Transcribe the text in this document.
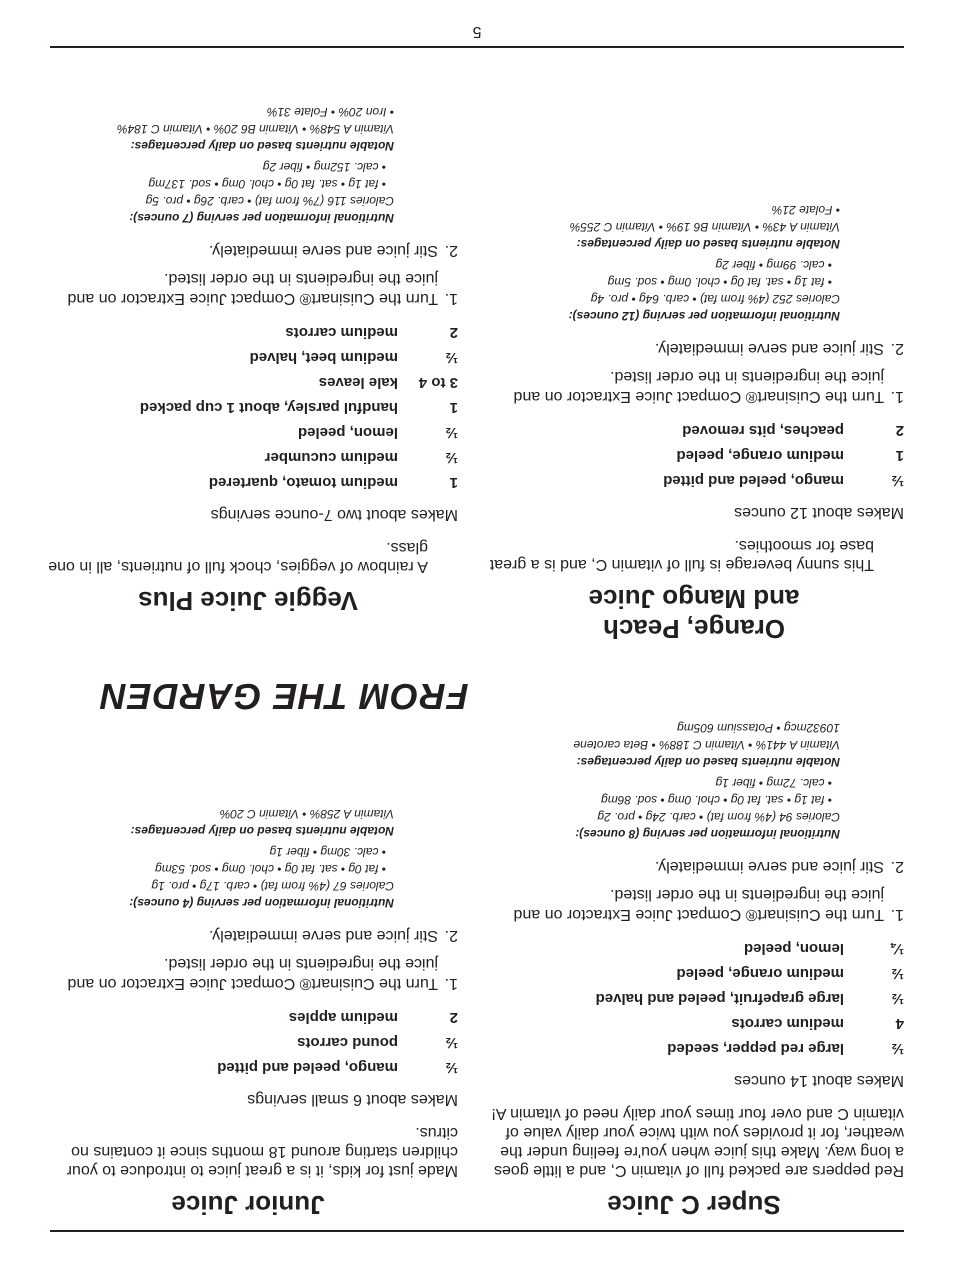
Super C Juice

Red peppers are packed full of vitamin C, and a little goes a long way. Make this juice when you're feeling under the weather, for it provides you with twice your daily value of vitamin C and over four times your daily need of vitamin A!

Makes about 14 ounces

½
large red pepper, seeded
4
medium carrots
½
large grapefruit, peeled and halved
½
medium orange, peeled
¼
lemon, peeled
1.
Turn the Cuisinart® Compact Juice Extractor on and juice the ingredients in the order listed.
2.
Stir juice and serve immediately.
Nutritional information per serving (8 ounces):
Calories 94 (4% from fat) • carb. 24g • pro. 2g
• fat 1g • sat. fat 0g • chol. 0mg • sod. 86mg
• calc. 72mg • fiber 1g
Notable nutrients based on daily percentages:
Vitamin A 441% • Vitamin C 188% • Beta carotene
10932mcg • Potassium 605mg
Orange, Peach
and Mango Juice

This sunny beverage is full of vitamin C, and is a great base for smoothies.

Makes about 12 ounces

½
mango, peeled and pitted
1
medium orange, peeled
2
peaches, pits removed
1.
Turn the Cuisinart® Compact Juice Extractor on and juice the ingredients in the order listed.
2.
Stir juice and serve immediately.
Nutritional information per serving (12 ounces):
Calories 252 (4% from fat) • carb. 64g • pro. 4g
• fat 1g • sat. fat 0g • chol. 0mg • sod. 5mg
• calc. 99mg • fiber 2g
Notable nutrients based on daily percentages:
Vitamin A 43% • Vitamin B6 19% • Vitamin C 255%
• Folate 21%
Junior Juice

Made just for kids, it is a great juice to introduce to your children starting around 18 months since it contains no citrus.

Makes about 6 small servings

½
mango, peeled and pitted
½
pound carrots
2
medium apples
1.
Turn the Cuisinart® Compact Juice Extractor on and juice the ingredients in the order listed.
2.
Stir juice and serve immediately.
Nutritional information per serving (4 ounces):
Calories 67 (4% from fat) • carb. 17g • pro. 1g
• fat 0g • sat. fat 0g • chol. 0mg • sod. 53mg
• calc. 30mg • fiber 1g
Notable nutrients based on daily percentages:
Vitamin A 258% • Vitamin C 20%
FROM THE GARDEN
Veggie Juice Plus

A rainbow of veggies, chock full of nutrients, all in one glass.

Makes about two 7-ounce servings

1
medium tomato, quartered
½
medium cucumber
½
lemon, peeled
1
handful parsley, about 1 cup packed
3 to 4
kale leaves
½
medium beet, halved
2
medium carrots
1.
Turn the Cuisinart® Compact Juice Extractor on and juice the ingredients in the order listed.
2.
Stir juice and serve immediately.
Nutritional information per serving (7 ounces):
Calories 116 (7% from fat) • carb. 26g • pro. 5g
• fat 1g • sat. fat 0g • chol. 0mg • sod. 137mg
• calc. 152mg • fiber 2g
Notable nutrients based on daily percentages:
Vitamin A 548% • Vitamin B6 20% • Vitamin C 184%
• Iron 20% • Folate 31%
5
